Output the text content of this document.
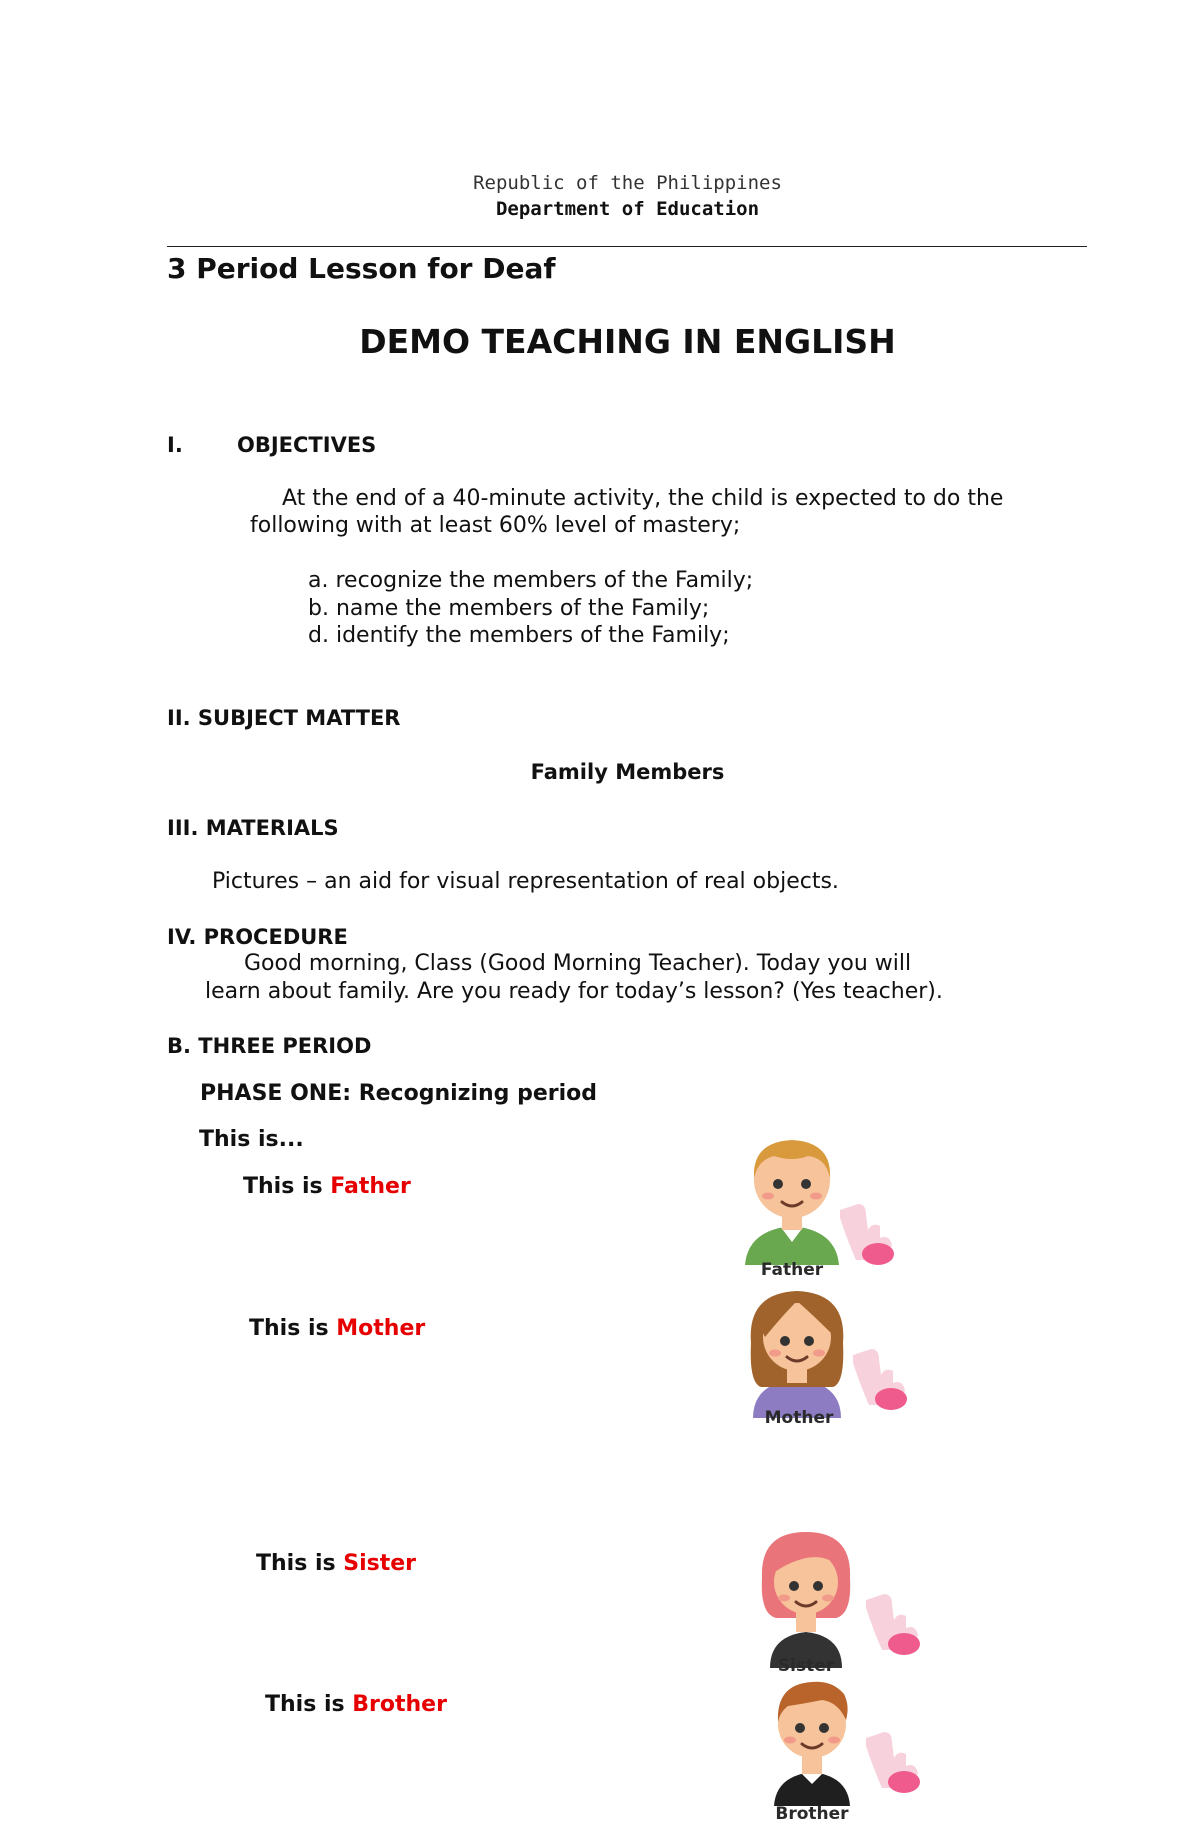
Republic of the Philippines
Department of Education
3 Period Lesson for Deaf
DEMO TEACHING IN ENGLISH
I.	OBJECTIVES
At the end of a 40-minute activity, the child is expected to do the
following with at least 60% level of mastery;
a. recognize the members of the Family;
b. name the members of the Family;
d. identify the members of the Family;
II. SUBJECT MATTER
Family Members
III. MATERIALS
Pictures – an aid for visual representation of real objects.
IV. PROCEDURE
Good morning, Class (Good Morning Teacher). Today you will
learn about family. Are you ready for today’s lesson? (Yes teacher).
B. THREE PERIOD
PHASE ONE: Recognizing period
This is...
This is Father
This is Mother
This is Sister
This is Brother
Father
Mother
Sister
Brother
